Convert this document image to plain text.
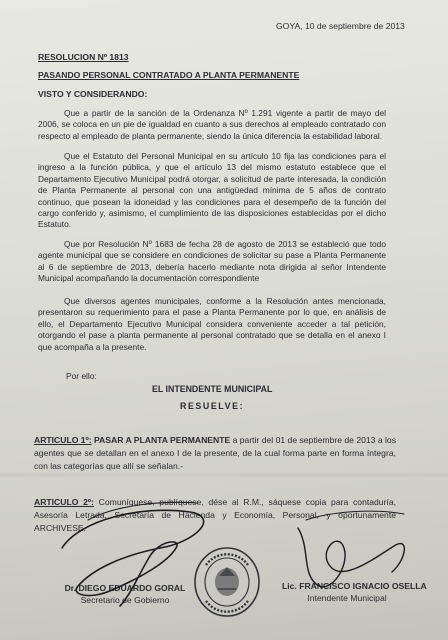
GOYA, 10 de septiembre de 2013
RESOLUCION Nº 1813
PASANDO PERSONAL CONTRATADO A PLANTA PERMANENTE
VISTO Y CONSIDERANDO:
Que a partir de la sanción de la Ordenanza Nº 1.291 vigente a partir de mayo del 2006, se coloca en un pie de igualdad en cuanto a sus derechos al empleado contratado con respecto al empleado de planta permanente, siendo la única diferencia la estabilidad laboral.
Que el Estatuto del Personal Municipal en su artículo 10 fija las condiciones para el ingreso a la función pública, y que el artículo 13 del mismo estatuto establece que el Departamento Ejecutivo Municipal podrá otorgar, a solicitud de parte interesada, la condición de Planta Permanente al personal con una antigüedad mínima de 5 años de contrato continuo, que posean la idoneidad y las condiciones para el desempeño de la función del cargo conferido y, asimismo, el cumplimiento de las disposiciones establecidas por el dicho Estatuto.
Que por Resolución Nº 1683 de fecha 28 de agosto de 2013 se estableció que todo agente municipal que se considere en condiciones de solicitar su pase a Planta Permanente al 6 de septiembre de 2013, debería hacerlo mediante nota dirigida al señor Intendente Municipal acompañando la documentación correspondiente
Que diversos agentes municipales, conforme a la Resolución antes mencionada, presentaron su requerimiento para el pase a Planta Permanente por lo que, en análisis de ello, el Departamento Ejecutivo Municipal considera conveniente acceder a tal petición, otorgando el pase a planta permanente al personal contratado que se detalla en el anexo I que acompaña a la presente.
Por ello:
EL INTENDENTE MUNICIPAL
RESUELVE:
ARTICULO 1º: PASAR A PLANTA PERMANENTE a partir del 01 de septiembre de 2013 a los agentes que se detallan en el anexo I de la presente, de la cual forma parte en forma íntegra, con las categorías que allí se señalan.-
ARTICULO 2º: Comuníquese, publíquese, dése al R.M., sáquese copia para contaduría, Asesoría Letrada, Secretaría de Hacienda y Economía, Personal, y oportunamente ARCHIVESE.
Dr. DIEGO EDUARDO GORAL
Secretario de Gobierno
Lic. FRANCISCO IGNACIO OSELLA
Intendente Municipal
